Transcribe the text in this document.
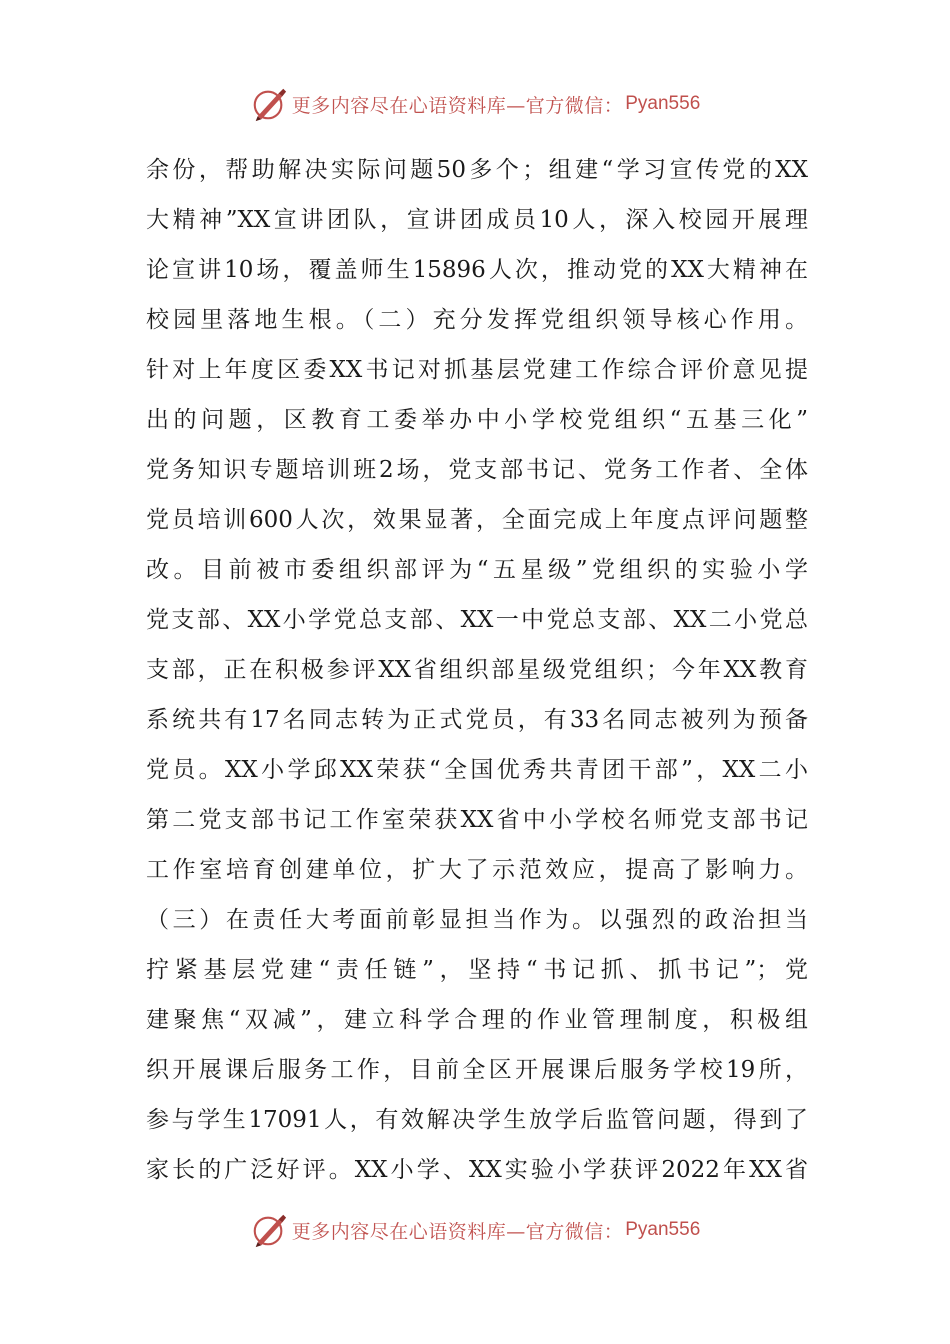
更多内容尽在心语资料库—官方微信： Pyan556
余份，帮助解决实际问题50多个；组建“学习宣传党的XX
大精神”XX宣讲团队，宣讲团成员10人，深入校园开展理
论宣讲10场，覆盖师生15896人次，推动党的XX大精神在
校园里落地生根。（二）充分发挥党组织领导核心作用。
针对上年度区委XX书记对抓基层党建工作综合评价意见提
出的问题，区教育工委举办中小学校党组织“五基三化”
党务知识专题培训班2场，党支部书记、党务工作者、全体
党员培训600人次，效果显著，全面完成上年度点评问题整
改。目前被市委组织部评为“五星级”党组织的实验小学
党支部、XX小学党总支部、XX一中党总支部、XX二小党总
支部，正在积极参评XX省组织部星级党组织；今年XX教育
系统共有17名同志转为正式党员，有33名同志被列为预备
党员。XX小学邱XX荣获“全国优秀共青团干部”，XX二小
第二党支部书记工作室荣获XX省中小学校名师党支部书记
工作室培育创建单位，扩大了示范效应，提高了影响力。
（三）在责任大考面前彰显担当作为。以强烈的政治担当
拧紧基层党建“责任链”，坚持“书记抓、抓书记”；党
建聚焦“双减”，建立科学合理的作业管理制度，积极组
织开展课后服务工作，目前全区开展课后服务学校19所，
参与学生17091人，有效解决学生放学后监管问题，得到了
家长的广泛好评。XX小学、XX实验小学获评2022年XX省
更多内容尽在心语资料库—官方微信： Pyan556
